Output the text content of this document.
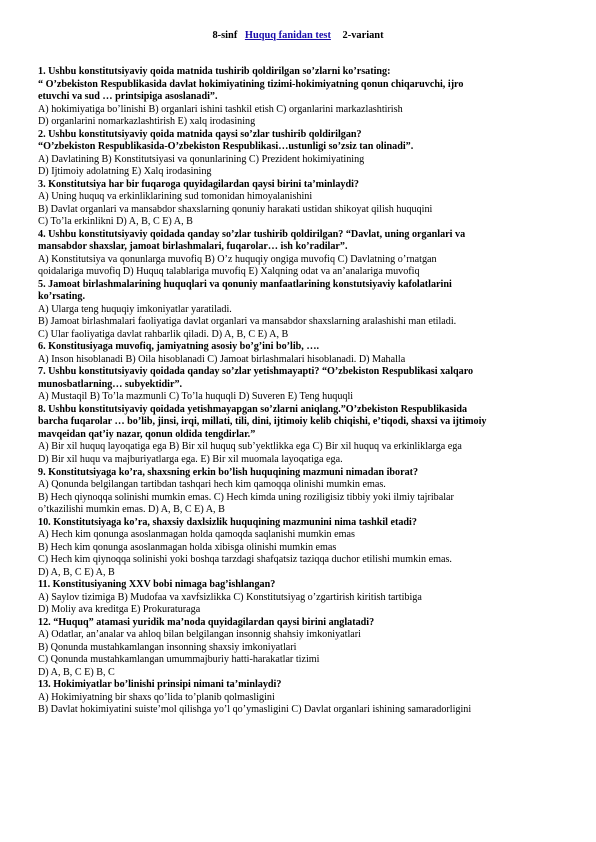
8-sinf Huquq fanidan test 2-variant
1. Ushbu konstitutsiyaviy qoida matnida tushirib qoldirilgan so’zlarni ko’rsating:
“ O’zbekiston Respublikasida davlat hokimiyatining tizimi-hokimiyatning qonun chiqaruvchi, ijro
etuvchi va sud … printsipiga asoslanadi”.
A) hokimiyatiga bo’linishi B) organlari ishini tashkil etish C) organlarini markazlashtirish
D) organlarini nomarkazlashtirish E) xalq irodasining
2. Ushbu konstitutsiyaviy qoida matnida qaysi so’zlar tushirib qoldirilgan?
“O’zbekiston Respublikasida-O’zbekiston Respublikasi…ustunligi so’zsiz tan olinadi”.
A) Davlatining B) Konstitutsiyasi va qonunlarining C) Prezident hokimiyatining
D) Ijtimoiy adolatning E) Xalq irodasining
3. Konstitutsiya har bir fuqaroga quyidagilardan qaysi birini ta’minlaydi?
A) Uning huquq va erkinliklarining sud tomonidan himoyalanishini
B) Davlat organlari va mansabdor shaxslarning qonuniy harakati ustidan shikoyat qilish huquqini
C) To’la erkinlikni D) A, B, C E) A, B
4. Ushbu konstitutsiyaviy qoidada qanday so’zlar tushirib qoldirilgan? “Davlat, uning organlari va
mansabdor shaxslar, jamoat birlashmalari, fuqarolar… ish ko’radilar”.
A) Konstitutsiya va qonunlarga muvofiq B) O’z huquqiy ongiga muvofiq C) Davlatning o’rnatgan
qoidalariga muvofiq D) Huquq talablariga muvofiq E) Xalqning odat va an’analariga muvofiq
5. Jamoat birlashmalarining huquqlari va qonuniy manfaatlarining konstutsiyaviy kafolatlarini
ko’rsating.
A) Ularga teng huquqiy imkoniyatlar yaratiladi.
B) Jamoat birlashmalari faoliyatiga davlat organlari va mansabdor shaxslarning aralashishi man etiladi.
C) Ular faoliyatiga davlat rahbarlik qiladi. D) A, B, C E) A, B
6. Konstitusiyaga muvofiq, jamiyatning asosiy bo’g’ini bo’lib, ….
A) Inson hisoblanadi B) Oila hisoblanadi C) Jamoat birlashmalari hisoblanadi. D) Mahalla
7. Ushbu konstitutsiyaviy qoidada qanday so’zlar yetishmayapti? “O’zbekiston Respublikasi xalqaro
munosbatlarning… subyektidir”.
A) Mustaqil B) To’la mazmunli C) To’la huquqli D) Suveren E) Teng huquqli
8. Ushbu konstitutsiyaviy qoidada yetishmayapgan so’zlarni aniqlang.”O’zbekiston Respublikasida
barcha fuqarolar … bo’lib, jinsi, irqi, millati, tili, dini, ijtimoiy kelib chiqishi, e’tiqodi, shaxsi va ijtimoiy
mavqeidan qat’iy nazar, qonun oldida tengdirlar.”
A) Bir xil huquq layoqatiga ega B) Bir xil huquq sub’yektlikka ega C) Bir xil huquq va erkinliklarga ega
D) Bir xil huqu va majburiyatlarga ega. E) Bir xil muomala layoqatiga ega.
9. Konstitutsiyaga ko’ra, shaxsning erkin bo’lish huquqining mazmuni nimadan iborat?
A) Qonunda belgilangan tartibdan tashqari hech kim qamoqqa olinishi mumkin emas.
B) Hech qiynoqqa solinishi mumkin emas. C) Hech kimda uning roziligisiz tibbiy yoki ilmiy tajribalar
o’tkazilishi mumkin emas. D) A, B, C E) A, B
10. Konstitutsiyaga ko’ra, shaxsiy daxlsizlik huquqining mazmunini nima tashkil etadi?
A) Hech kim qonunga asoslanmagan holda qamoqda saqlanishi mumkin emas
B) Hech kim qonunga asoslanmagan holda xibisga olinishi mumkin emas
C) Hech kim qiynoqqa solinishi yoki boshqa tarzdagi shafqatsiz taziqqa duchor etilishi mumkin emas.
D) A, B, C E) A, B
11. Konstitusiyaning XXV bobi nimaga bag’ishlangan?
A) Saylov tizimiga B) Mudofaa va xavfsizlikka C) Konstitutsiyag o’zgartirish kiritish tartibiga
D) Moliy ava kreditga E) Prokuraturaga
12. “Huquq” atamasi yuridik ma’noda quyidagilardan qaysi birini anglatadi?
A) Odatlar, an’analar va ahloq bilan belgilangan insonnig shahsiy imkoniyatlari
B) Qonunda mustahkamlangan insonning shaxsiy imkoniyatlari
C) Qonunda mustahkamlangan umummajburiy hatti-harakatlar tizimi
D) A, B, C E) B, C
13. Hokimiyatlar bo’linishi prinsipi nimani ta’minlaydi?
A) Hokimiyatning bir shaxs qo’lida to’planib qolmasligini
B) Davlat hokimiyatini suiste’mol qilishga yo’l qo’ymasligini C) Davlat organlari ishining samaradorligini
